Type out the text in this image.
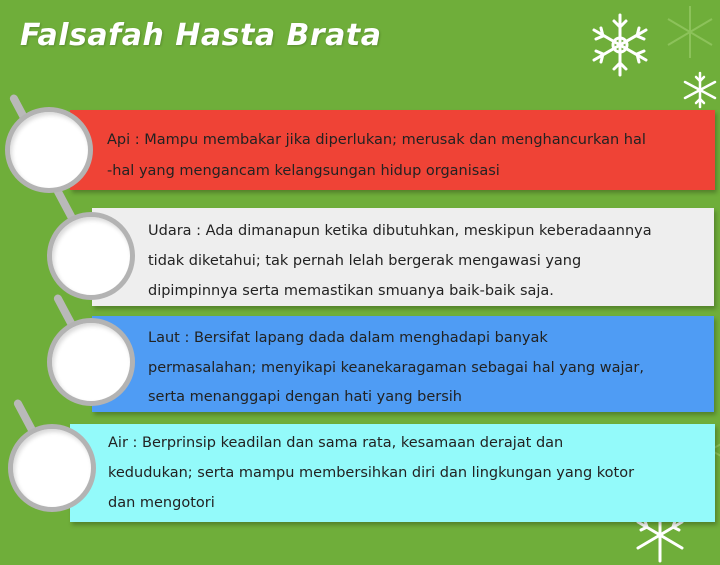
Falsafah Hasta Brata
Api : Mampu membakar jika diperlukan; merusak dan menghancurkan hal
-hal yang mengancam kelangsungan hidup organisasi
Udara : Ada dimanapun ketika dibutuhkan, meskipun keberadaannya
tidak diketahui; tak pernah lelah bergerak mengawasi yang
dipimpinnya serta memastikan smuanya baik-baik saja.
Laut : Bersifat lapang dada dalam menghadapi banyak
permasalahan; menyikapi keanekaragaman sebagai hal yang wajar,
serta menanggapi dengan hati yang bersih
Air : Berprinsip keadilan dan sama rata, kesamaan derajat dan
kedudukan; serta mampu membersihkan diri dan lingkungan yang kotor
dan mengotori
